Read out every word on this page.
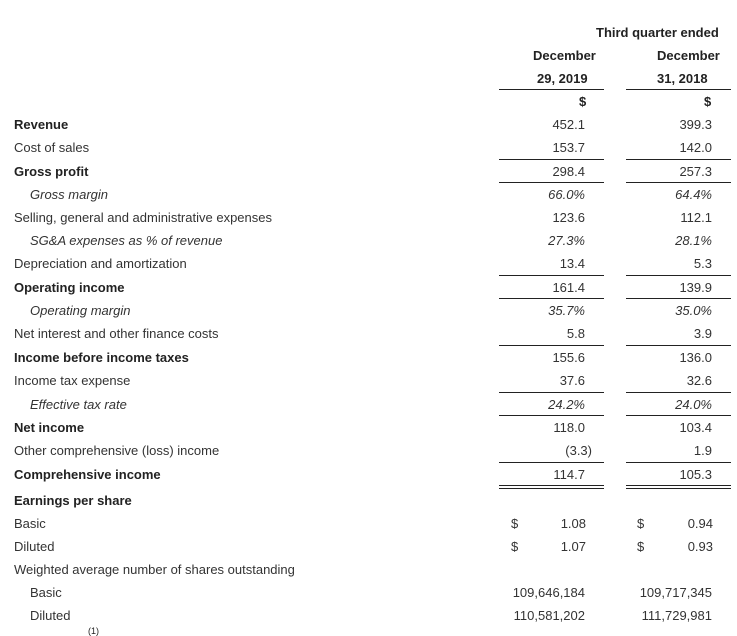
Third quarter ended
December	December
29, 2019	31, 2018
$	$
Revenue	452.1	399.3
Cost of sales	153.7	142.0
Gross profit	298.4	257.3
Gross margin	66.0%	64.4%
Selling, general and administrative expenses	123.6	112.1
SG&A expenses as % of revenue	27.3%	28.1%
Depreciation and amortization	13.4	5.3
Operating income	161.4	139.9
Operating margin	35.7%	35.0%
Net interest and other finance costs	5.8	3.9
Income before income taxes	155.6	136.0
Income tax expense	37.6	32.6
Effective tax rate	24.2%	24.0%
Net income	118.0	103.4
Other comprehensive (loss) income	(3.3)	1.9
Comprehensive income	114.7	105.3
Earnings per share
Basic	$	1.08	$	0.94
Diluted	$	1.07	$	0.93
Weighted average number of shares outstanding
Basic	109,646,184	109,717,345
Diluted	110,581,202	111,729,981
(1)
